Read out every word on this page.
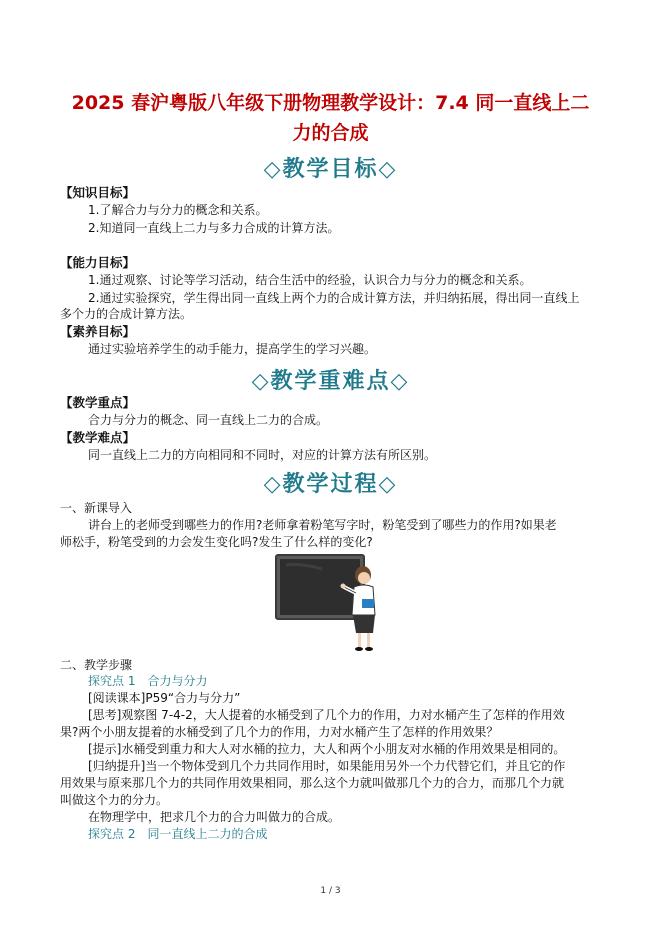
2025 春沪粤版八年级下册物理教学设计：7.4 同一直线上二
力的合成
◇教学目标◇
【知识目标】
1.了解合力与分力的概念和关系。
2.知道同一直线上二力与多力合成的计算方法。
【能力目标】
1.通过观察、讨论等学习活动，结合生活中的经验，认识合力与分力的概念和关系。
2.通过实验探究，学生得出同一直线上两个力的合成计算方法，并归纳拓展，得出同一直线上
多个力的合成计算方法。
【素养目标】
通过实验培养学生的动手能力，提高学生的学习兴趣。
◇教学重难点◇
【教学重点】
合力与分力的概念、同一直线上二力的合成。
【教学难点】
同一直线上二力的方向相同和不同时，对应的计算方法有所区别。
◇教学过程◇
一、新课导入
讲台上的老师受到哪些力的作用?老师拿着粉笔写字时，粉笔受到了哪些力的作用?如果老
师松手，粉笔受到的力会发生变化吗?发生了什么样的变化?
二、教学步骤
探究点 1　合力与分力
[阅读课本]P59“合力与分力”
[思考]观察图 7-4-2，大人提着的水桶受到了几个力的作用，力对水桶产生了怎样的作用效
果?两个小朋友提着的水桶受到了几个力的作用，力对水桶产生了怎样的作用效果？
[提示]水桶受到重力和大人对水桶的拉力，大人和两个小朋友对水桶的作用效果是相同的。
[归纳提升]当一个物体受到几个力共同作用时，如果能用另外一个力代替它们，并且它的作
用效果与原来那几个力的共同作用效果相同，那么这个力就叫做那几个力的合力，而那几个力就
叫做这个力的分力。
在物理学中，把求几个力的合力叫做力的合成。
探究点 2　同一直线上二力的合成
1 / 3
